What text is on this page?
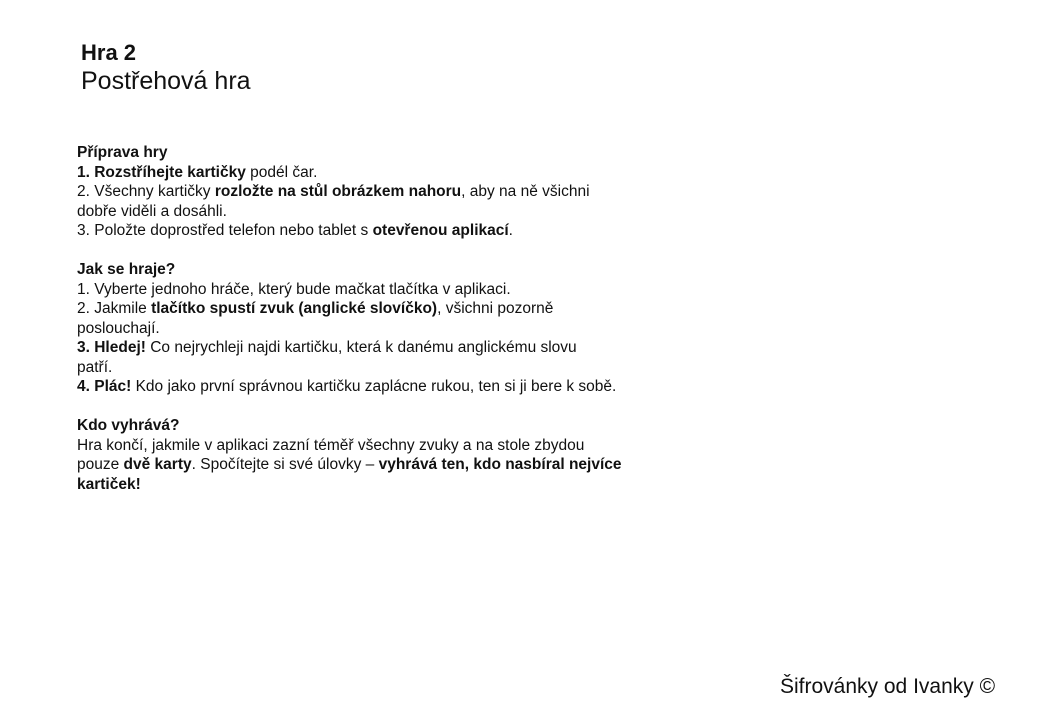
Hra 2
Postřehová hra
Příprava hry
1. Rozstříhejte kartičky podél čar.
2. Všechny kartičky rozložte na stůl obrázkem nahoru, aby na ně všichni
dobře viděli a dosáhli.
3. Položte doprostřed telefon nebo tablet s otevřenou aplikací.
Jak se hraje?
1. Vyberte jednoho hráče, který bude mačkat tlačítka v aplikaci.
2. Jakmile tlačítko spustí zvuk (anglické slovíčko), všichni pozorně
poslouchají.
3. Hledej! Co nejrychleji najdi kartičku, která k danému anglickému slovu
patří.
4. Plác! Kdo jako první správnou kartičku zaplácne rukou, ten si ji bere k sobě.
Kdo vyhrává?
Hra končí, jakmile v aplikaci zazní téměř všechny zvuky a na stole zbydou
pouze dvě karty. Spočítejte si své úlovky – vyhrává ten, kdo nasbíral nejvíce
kartiček!
Šifrovánky od Ivanky ©
